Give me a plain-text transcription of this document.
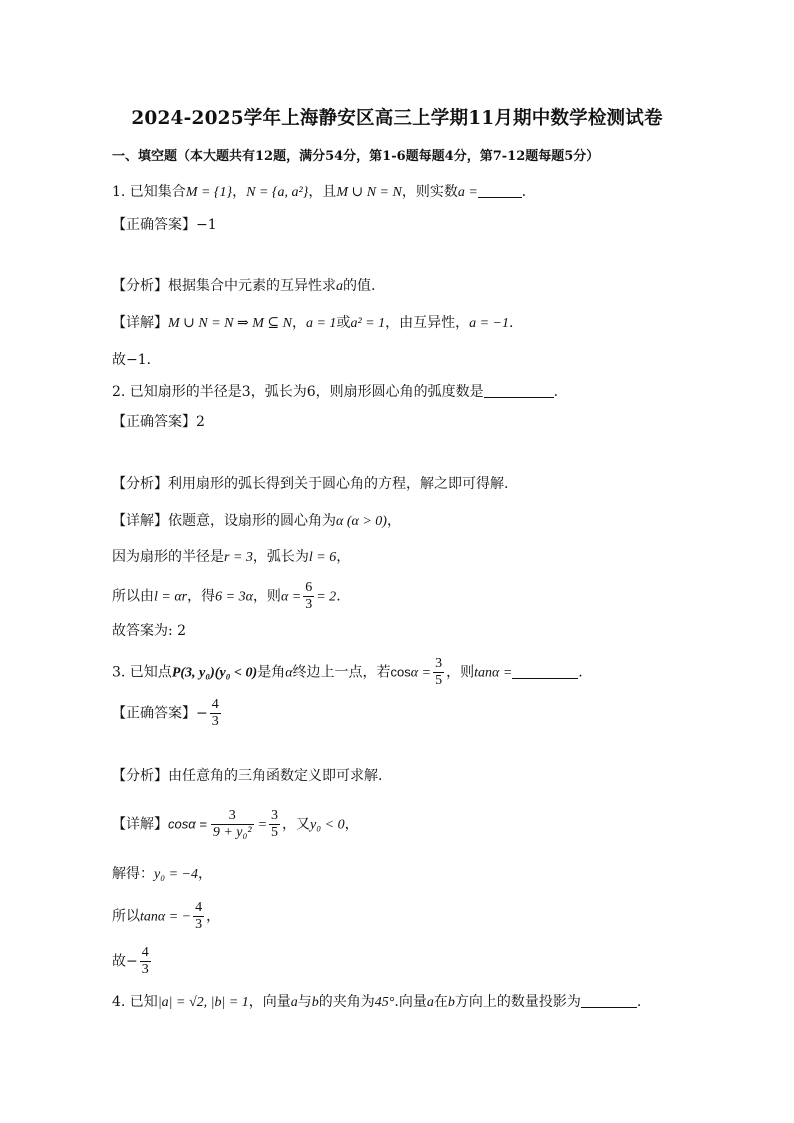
2024-2025学年上海静安区高三上学期11月期中数学检测试卷
一、填空题（本大题共有12题，满分54分，第1-6题每题4分，第7-12题每题5分）
1. 已知集合M = {1}，N = {a, a²}，且M ∪ N = N，则实数a =	．
【正确答案】−1
【分析】根据集合中元素的互异性求a的值.
【详解】M ∪ N = N ⇒ M ⊆ N，a = 1或a² = 1，由互异性，a = −1.
故−1．
2. 已知扇形的半径是3，弧长为6，则扇形圆心角的弧度数是	.
【正确答案】2
【分析】利用扇形的弧长得到关于圆心角的方程，解之即可得解.
【详解】依题意，设扇形的圆心角为α (α > 0)，
因为扇形的半径是r = 3，弧长为l = 6，
所以由l = αr，得6 = 3α，则$\alpha = \frac{6}{3} = 2$.
故答案为: 2
3. 已知点P(3, y₀)(y₀ < 0)是角α终边上一点，若$\cos\alpha = \frac{3}{5}$ ，则tanα =	.
【正确答案】− $\frac{4}{3}$
【分析】由任意角的三角函数定义即可求解.
【详解】$\cos\alpha = \frac{3}{\text{9 + y₀²}} = \frac{3}{5}$ ，又y₀ < 0，
解得：y₀ = −4，
所以tanα = − $\frac{4}{3}$ ，
故− $\frac{4}{3}$
4. 已知|a| = √2, |b| = 1，向量a与b的夹角为45°.向量a在b方向上的数量投影为	.
